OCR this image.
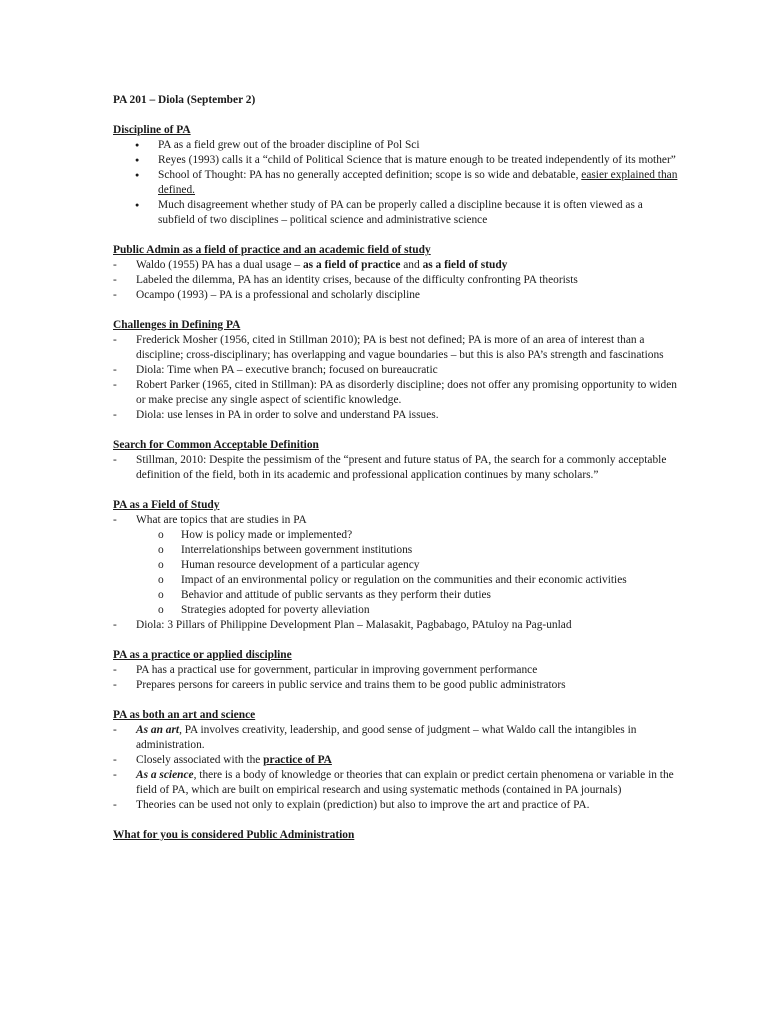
PA 201 – Diola (September 2)

Discipline of PA

● PA as a field grew out of the broader discipline of Pol Sci
● Reyes (1993) calls it a “child of Political Science that is mature enough to be treated independently of its mother”
● School of Thought: PA has no generally accepted definition; scope is so wide and debatable, easier explained than defined.
● Much disagreement whether study of PA can be properly called a discipline because it is often viewed as a subfield of two disciplines – political science and administrative science

Public Admin as a field of practice and an academic field of study

- Waldo (1955) PA has a dual usage – as a field of practice and as a field of study
- Labeled the dilemma, PA has an identity crises, because of the difficulty confronting PA theorists
- Ocampo (1993) – PA is a professional and scholarly discipline

Challenges in Defining PA

- Frederick Mosher (1956, cited in Stillman 2010); PA is best not defined; PA is more of an area of interest than a discipline; cross-disciplinary; has overlapping and vague boundaries – but this is also PA’s strength and fascinations
- Diola: Time when PA – executive branch; focused on bureaucratic
- Robert Parker (1965, cited in Stillman): PA as disorderly discipline; does not offer any promising opportunity to widen or make precise any single aspect of scientific knowledge.
- Diola: use lenses in PA in order to solve and understand PA issues.

Search for Common Acceptable Definition

- Stillman, 2010: Despite the pessimism of the “present and future status of PA, the search for a commonly acceptable definition of the field, both in its academic and professional application continues by many scholars.”

PA as a Field of Study

- What are topics that are studies in PA
o How is policy made or implemented?
o Interrelationships between government institutions
o Human resource development of a particular agency
o Impact of an environmental policy or regulation on the communities and their economic activities
o Behavior and attitude of public servants as they perform their duties
o Strategies adopted for poverty alleviation
- Diola: 3 Pillars of Philippine Development Plan – Malasakit, Pagbabago, PAtuloy na Pag-unlad

PA as a practice or applied discipline

- PA has a practical use for government, particular in improving government performance
- Prepares persons for careers in public service and trains them to be good public administrators

PA as both an art and science

- As an art, PA involves creativity, leadership, and good sense of judgment – what Waldo call the intangibles in administration.
- Closely associated with the practice of PA
- As a science, there is a body of knowledge or theories that can explain or predict certain phenomena or variable in the field of PA, which are built on empirical research and using systematic methods (contained in PA journals)
- Theories can be used not only to explain (prediction) but also to improve the art and practice of PA.

What for you is considered Public Administration
